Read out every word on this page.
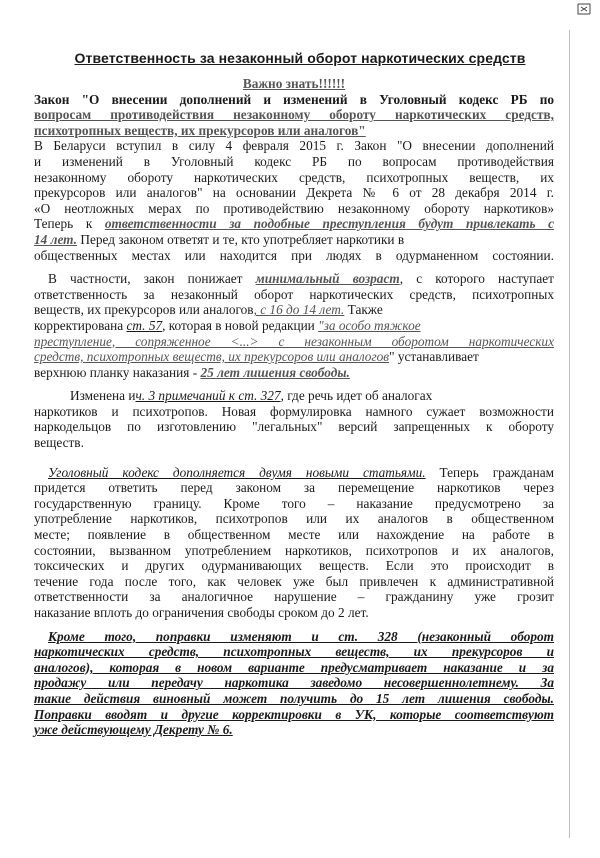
Ответственность за незаконный оборот наркотических средств
Важно знать!!!!!!
Закон "О внесении дополнений и изменений в Уголовный кодекс РБ по
вопросам противодействия незаконному обороту наркотических средств,
психотропных веществ, их прекурсоров или аналогов"
В Беларуси вступил в силу 4 февраля 2015 г. Закон "О внесении дополнений
и изменений в Уголовный кодекс РБ по вопросам противодействия
незаконному обороту наркотических средств, психотропных веществ, их
прекурсоров или аналогов" на основании Декрета № 6 от 28 декабря 2014 г.
«О неотложных мерах по противодействию незаконному обороту наркотиков»
Теперь к ответственности за подобные преступления будут привлекать с
14 лет. Перед законом ответят и те, кто употребляет наркотики в
общественных местах или находится при людях в одурманенном состоянии.
В частности, закон понижает минимальный возраст, с которого наступает
ответственность за незаконный оборот наркотических средств, психотропных
веществ, их прекурсоров или аналогов, с 16 до 14 лет. Также
корректирована ст. 57, которая в новой редакции "за особо тяжкое
преступление, сопряженное <...> с незаконным оборотом наркотических
средств, психотропных веществ, их прекурсоров или аналогов" устанавливает
верхнюю планку наказания - 25 лет лишения свободы.
Изменена ич. 3 примечаний к ст. 327, где речь идет об аналогах
наркотиков и психотропов. Новая формулировка намного сужает возможности
наркодельцов по изготовлению "легальных" версий запрещенных к обороту
веществ.
Уголовный кодекс дополняется двумя новыми статьями. Теперь гражданам
придется ответить перед законом за перемещение наркотиков через
государственную границу. Кроме того – наказание предусмотрено за
употребление наркотиков, психотропов или их аналогов в общественном
месте; появление в общественном месте или нахождение на работе в
состоянии, вызванном употреблением наркотиков, психотропов и их аналогов,
токсических и других одурманивающих веществ. Если это происходит в
течение года после того, как человек уже был привлечен к административной
ответственности за аналогичное нарушение – гражданину уже грозит
наказание вплоть до ограничения свободы сроком до 2 лет.
Кроме того, поправки изменяют и ст. 328 (незаконный оборот
наркотических средств, психотропных веществ, их прекурсоров и
аналогов), которая в новом варианте предусматривает наказание и за
продажу или передачу наркотика заведомо несовершеннолетнему. За
такие действия виновный может получить до 15 лет лишения свободы.
Поправки вводят и другие корректировки в УК, которые соответствуют
уже действующему Декрету № 6.
